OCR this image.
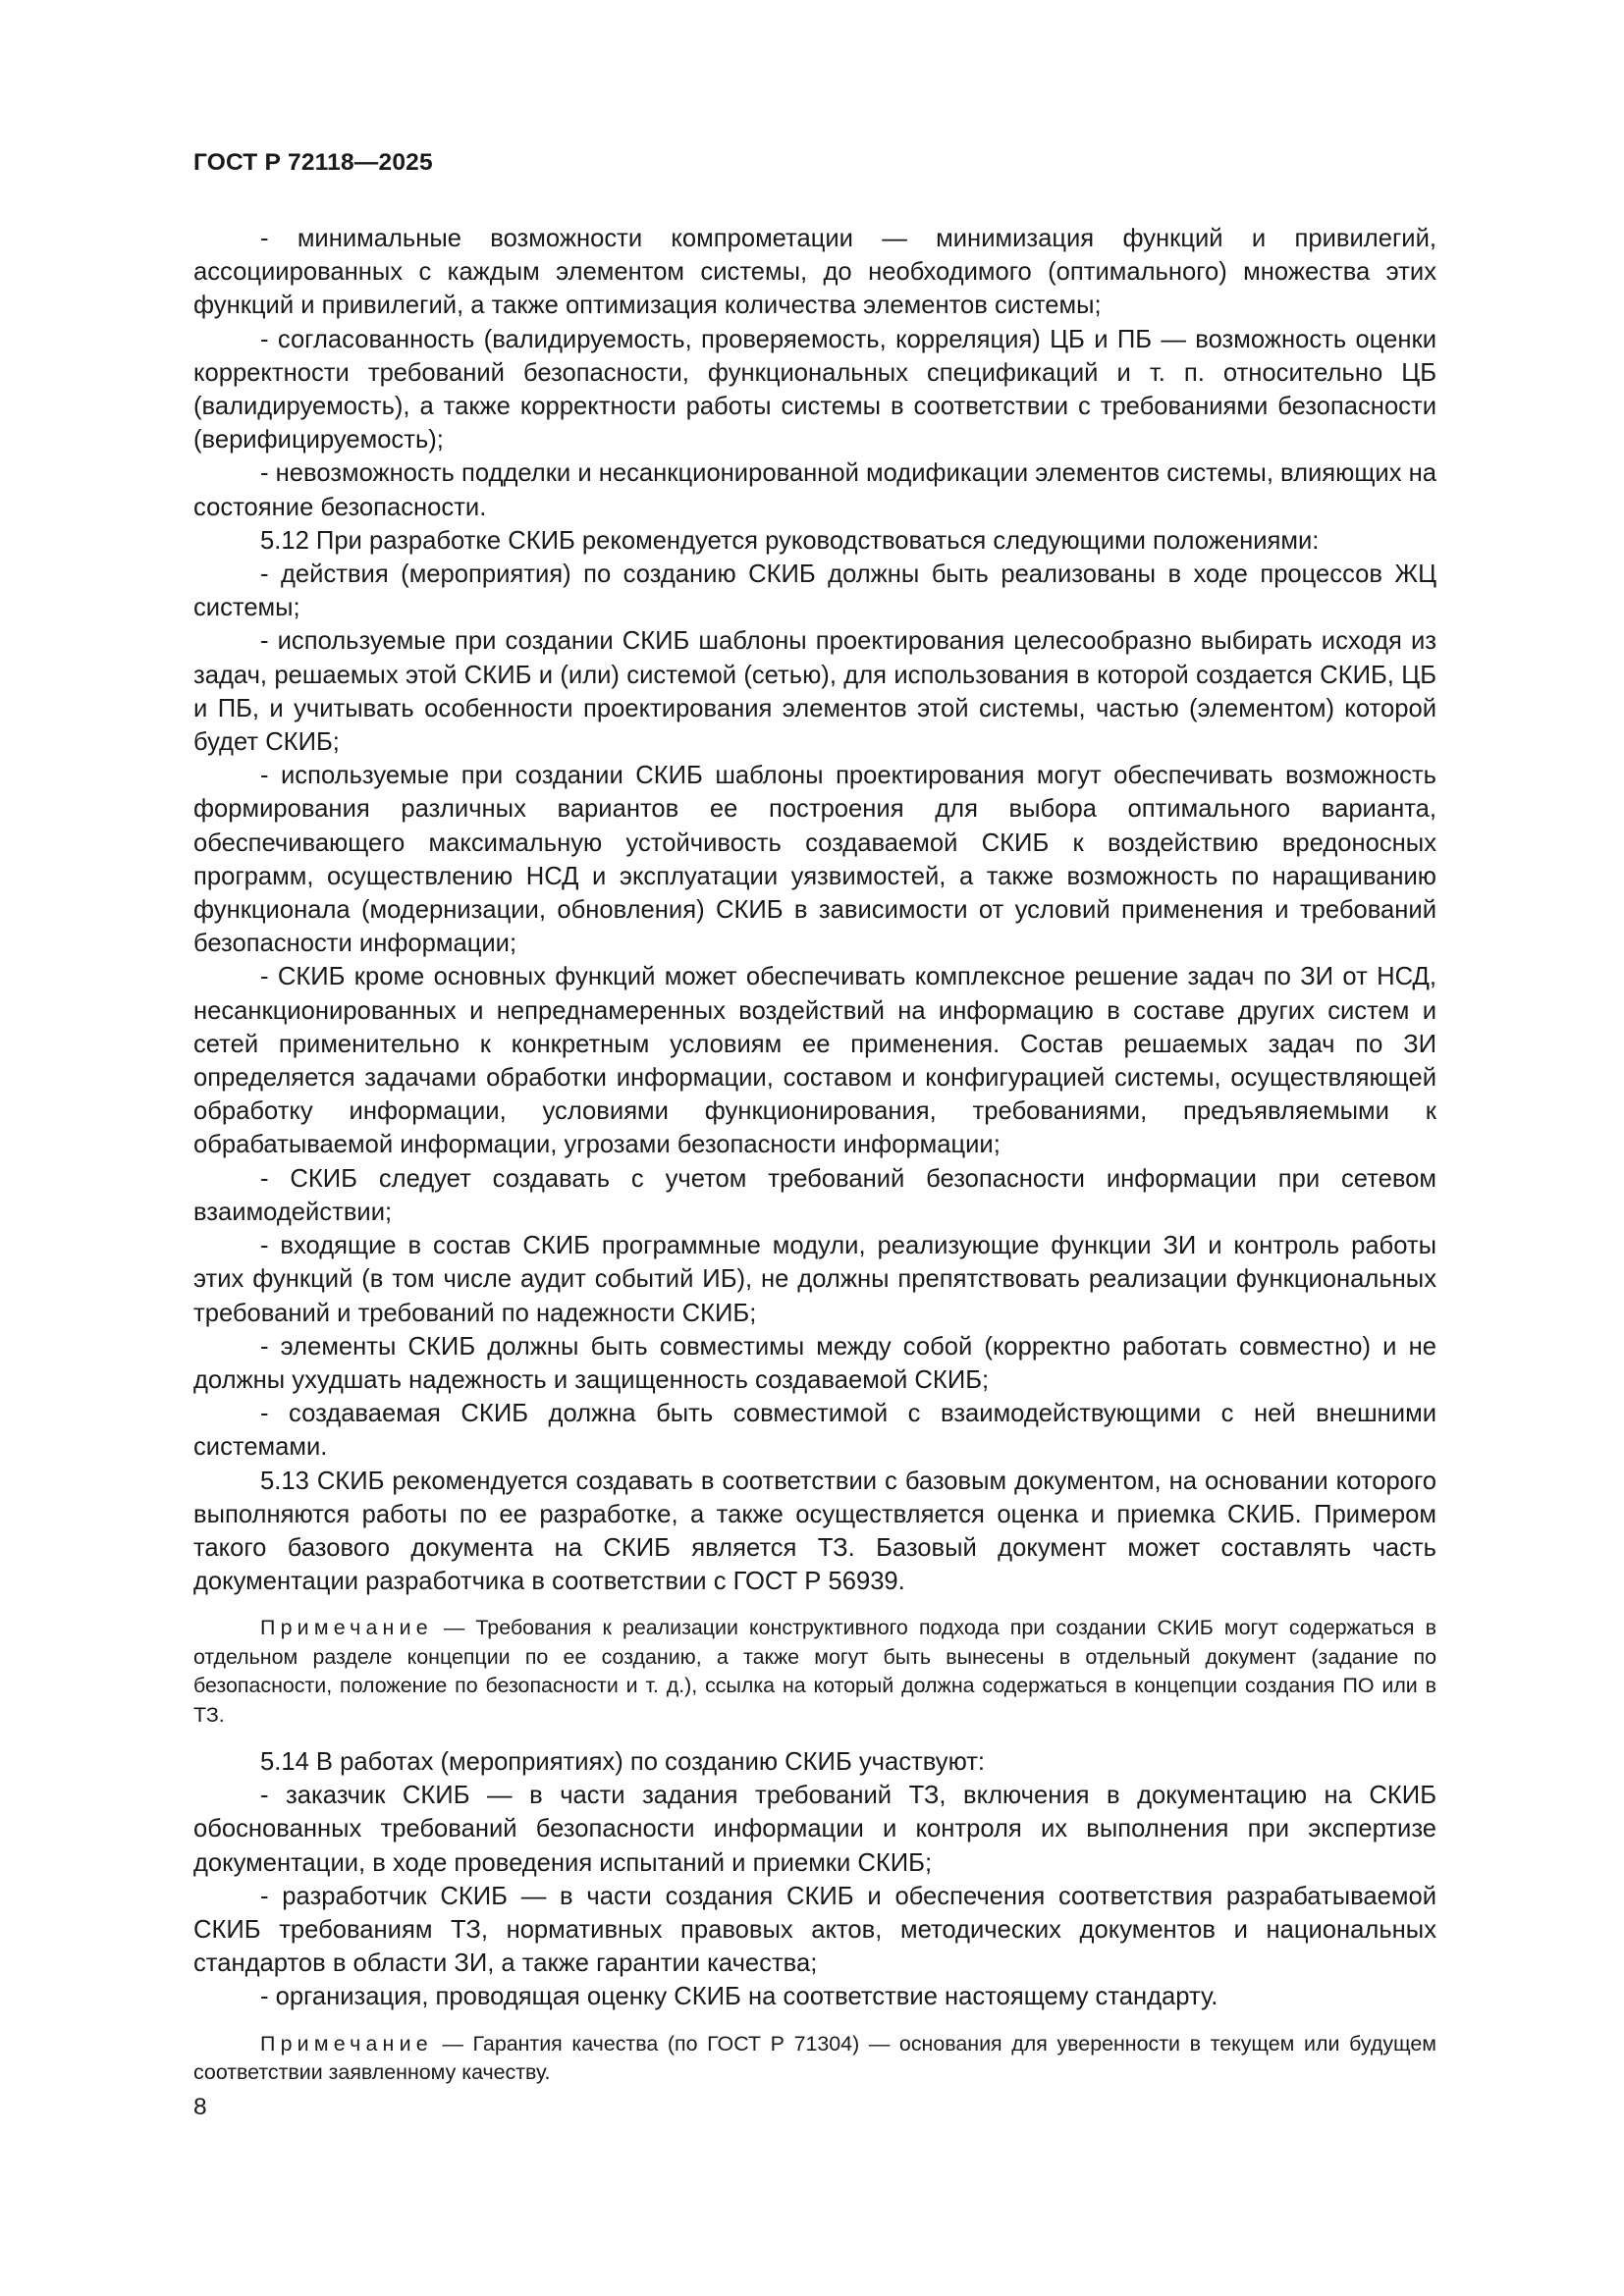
ГОСТ Р 72118—2025

- минимальные возможности компрометации — минимизация функций и привилегий, ассоциированных с каждым элементом системы, до необходимого (оптимального) множества этих функций и привилегий, а также оптимизация количества элементов системы;

- согласованность (валидируемость, проверяемость, корреляция) ЦБ и ПБ — возможность оценки корректности требований безопасности, функциональных спецификаций и т. п. относительно ЦБ (валидируемость), а также корректности работы системы в соответствии с требованиями безопасности (верифицируемость);

- невозможность подделки и несанкционированной модификации элементов системы, влияющих на состояние безопасности.

5.12 При разработке СКИБ рекомендуется руководствоваться следующими положениями:

- действия (мероприятия) по созданию СКИБ должны быть реализованы в ходе процессов ЖЦ системы;

- используемые при создании СКИБ шаблоны проектирования целесообразно выбирать исходя из задач, решаемых этой СКИБ и (или) системой (сетью), для использования в которой создается СКИБ, ЦБ и ПБ, и учитывать особенности проектирования элементов этой системы, частью (элементом) которой будет СКИБ;

- используемые при создании СКИБ шаблоны проектирования могут обеспечивать возможность формирования различных вариантов ее построения для выбора оптимального варианта, обеспечивающего максимальную устойчивость создаваемой СКИБ к воздействию вредоносных программ, осуществлению НСД и эксплуатации уязвимостей, а также возможность по наращиванию функционала (модернизации, обновления) СКИБ в зависимости от условий применения и требований безопасности информации;

- СКИБ кроме основных функций может обеспечивать комплексное решение задач по ЗИ от НСД, несанкционированных и непреднамеренных воздействий на информацию в составе других систем и сетей применительно к конкретным условиям ее применения. Состав решаемых задач по ЗИ определяется задачами обработки информации, составом и конфигурацией системы, осуществляющей обработку информации, условиями функционирования, требованиями, предъявляемыми к обрабатываемой информации, угрозами безопасности информации;

- СКИБ следует создавать с учетом требований безопасности информации при сетевом взаимодействии;

- входящие в состав СКИБ программные модули, реализующие функции ЗИ и контроль работы этих функций (в том числе аудит событий ИБ), не должны препятствовать реализации функциональных требований и требований по надежности СКИБ;

- элементы СКИБ должны быть совместимы между собой (корректно работать совместно) и не должны ухудшать надежность и защищенность создаваемой СКИБ;

- создаваемая СКИБ должна быть совместимой с взаимодействующими с ней внешними системами.

5.13 СКИБ рекомендуется создавать в соответствии с базовым документом, на основании которого выполняются работы по ее разработке, а также осуществляется оценка и приемка СКИБ. Примером такого базового документа на СКИБ является ТЗ. Базовый документ может составлять часть документации разработчика в соответствии с ГОСТ Р 56939.

Примечание — Требования к реализации конструктивного подхода при создании СКИБ могут содержаться в отдельном разделе концепции по ее созданию, а также могут быть вынесены в отдельный документ (задание по безопасности, положение по безопасности и т. д.), ссылка на который должна содержаться в концепции создания ПО или в ТЗ.

5.14 В работах (мероприятиях) по созданию СКИБ участвуют:

- заказчик СКИБ — в части задания требований ТЗ, включения в документацию на СКИБ обоснованных требований безопасности информации и контроля их выполнения при экспертизе документации, в ходе проведения испытаний и приемки СКИБ;

- разработчик СКИБ — в части создания СКИБ и обеспечения соответствия разрабатываемой СКИБ требованиям ТЗ, нормативных правовых актов, методических документов и национальных стандартов в области ЗИ, а также гарантии качества;

- организация, проводящая оценку СКИБ на соответствие настоящему стандарту.

Примечание — Гарантия качества (по ГОСТ Р 71304) — основания для уверенности в текущем или будущем соответствии заявленному качеству.

8
